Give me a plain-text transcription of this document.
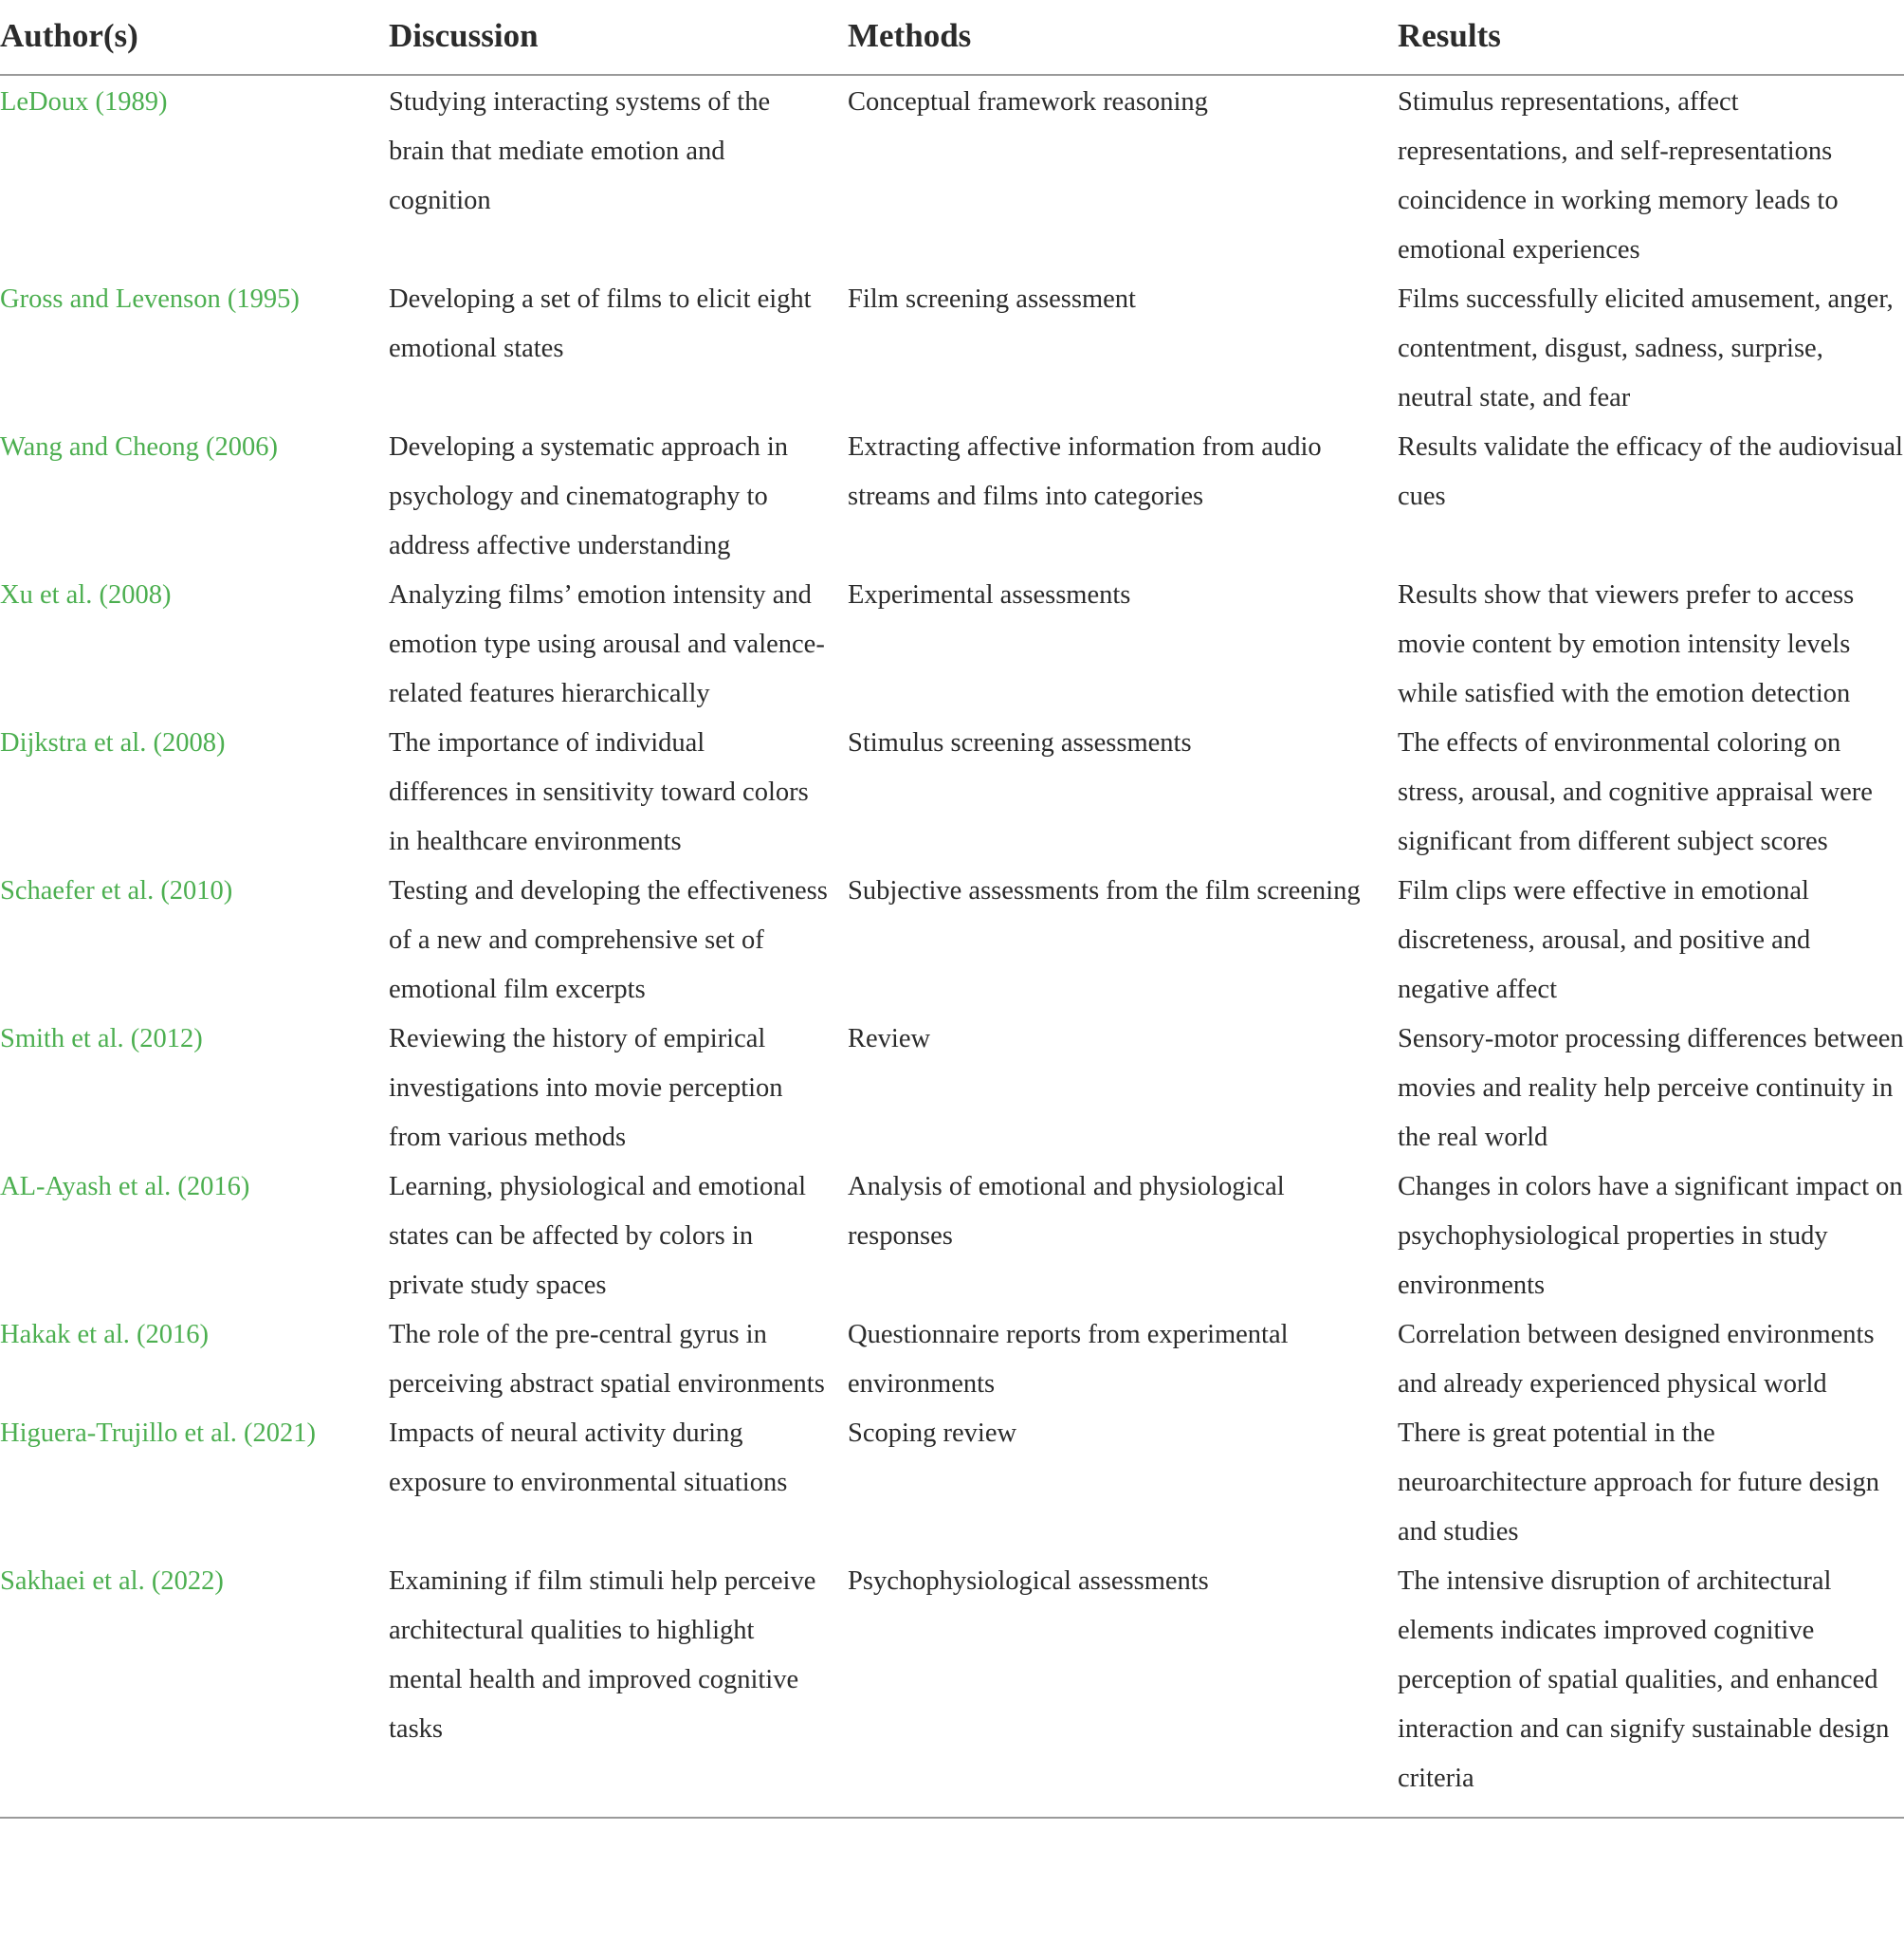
Author(s)	Discussion	Methods	Results

LeDoux (1989)	Studying interacting systems of the brain that mediate emotion and cognition	Conceptual framework reasoning	Stimulus representations, affect representations, and self-representations coincidence in working memory leads to emotional experiences

Gross and Levenson (1995)	Developing a set of films to elicit eight emotional states	Film screening assessment	Films successfully elicited amusement, anger, contentment, disgust, sadness, surprise, neutral state, and fear

Wang and Cheong (2006)	Developing a systematic approach in psychology and cinematography to address affective understanding	Extracting affective information from audio streams and films into categories	Results validate the efficacy of the audiovisual cues

Xu et al. (2008)	Analyzing films’ emotion intensity and emotion type using arousal and valence-related features hierarchically	Experimental assessments	Results show that viewers prefer to access movie content by emotion intensity levels while satisfied with the emotion detection

Dijkstra et al. (2008)	The importance of individual differences in sensitivity toward colors in healthcare environments	Stimulus screening assessments	The effects of environmental coloring on stress, arousal, and cognitive appraisal were significant from different subject scores

Schaefer et al. (2010)	Testing and developing the effectiveness of a new and comprehensive set of emotional film excerpts	Subjective assessments from the film screening	Film clips were effective in emotional discreteness, arousal, and positive and negative affect

Smith et al. (2012)	Reviewing the history of empirical investigations into movie perception from various methods	Review	Sensory-motor processing differences between movies and reality help perceive continuity in the real world

AL-Ayash et al. (2016)	Learning, physiological and emotional states can be affected by colors in private study spaces	Analysis of emotional and physiological responses	Changes in colors have a significant impact on psychophysiological properties in study environments

Hakak et al. (2016)	The role of the pre-central gyrus in perceiving abstract spatial environments	Questionnaire reports from experimental environments	Correlation between designed environments and already experienced physical world

Higuera-Trujillo et al. (2021)	Impacts of neural activity during exposure to environmental situations	Scoping review	There is great potential in the neuroarchitecture approach for future design and studies

Sakhaei et al. (2022)	Examining if film stimuli help perceive architectural qualities to highlight mental health and improved cognitive tasks	Psychophysiological assessments	The intensive disruption of architectural elements indicates improved cognitive perception of spatial qualities, and enhanced interaction and can signify sustainable design criteria
